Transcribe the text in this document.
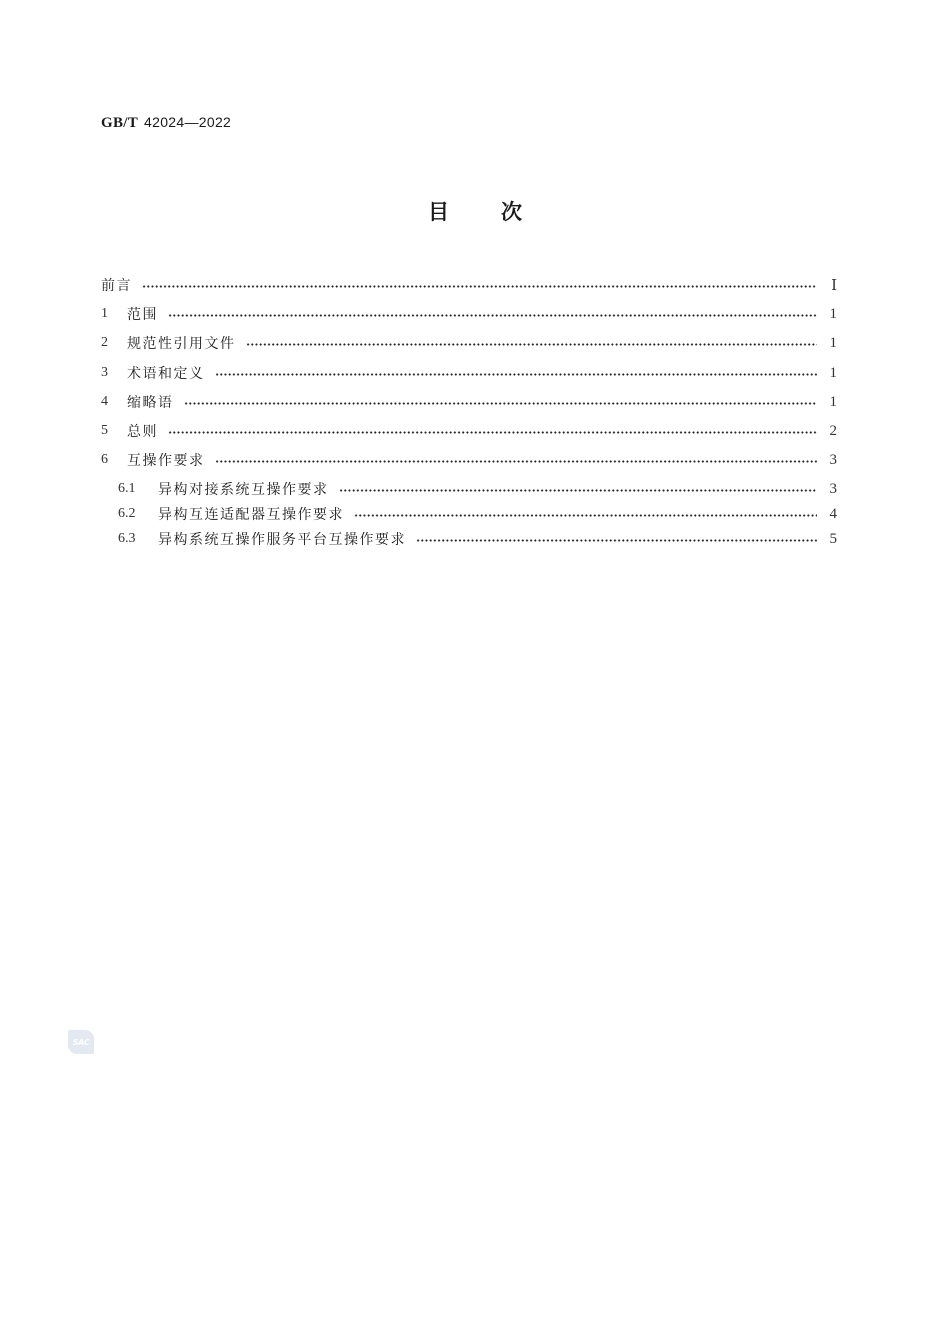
GB/T 42024—2022
目 次
前言	Ⅰ
1	范围	1
2	规范性引用文件	1
3	术语和定义	1
4	缩略语	1
5	总则	2
6	互操作要求	3
6.1	异构对接系统互操作要求	3
6.2	异构互连适配器互操作要求	4
6.3	异构系统互操作服务平台互操作要求	5
SAC
